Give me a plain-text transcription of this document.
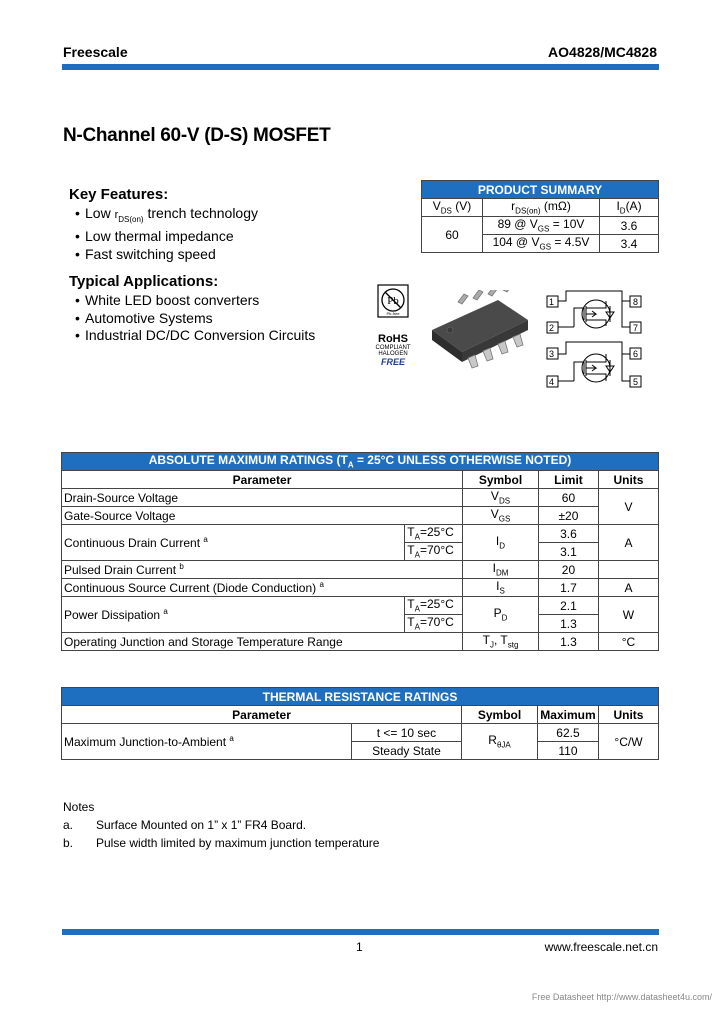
Freescale	AO4828/MC4828
N-Channel 60-V (D-S) MOSFET
Key Features:
• Low $r_{DS(on)}$ trench technology
• Low thermal impedance
• Fast switching speed
Typical Applications:
• White LED boost converters
• Automotive Systems
• Industrial DC/DC Conversion Circuits
PRODUCT SUMMARY		
$V_{DS}$ (V)	$r_{DS(on)}$ (mΩ)	$I_D(A)$
60	89 @ $V_{GS} = 10V$	3.6
	104 @ $V_{GS} = 4.5V$	3.4
Pb
Pb-free
RoHS
COMPLIANT
HALOGEN
FREE
1
2
3
4
8
7
6
5
ABSOLUTE MAXIMUM RATINGS ($T_A = 25^\circ C$ UNLESS OTHERWISE NOTED)				
Parameter		Symbol	Limit	Units
Drain-Source Voltage		$V_{DS}$	60	V
Gate-Source Voltage		$V_{GS}$	±20	
Continuous Drain Current $^a$	$T_A=25^\circ C$	$I_D$	3.6	A
	$T_A=70^\circ C$		3.1	
Pulsed Drain Current $^b$		$I_{DM}$	20	
Continuous Source Current (Diode Conduction) $^a$		$I_S$	1.7	A
Power Dissipation $^a$	$T_A=25^\circ C$	$P_D$	2.1	W
	$T_A=70^\circ C$		1.3	
Operating Junction and Storage Temperature Range		$T_J$, $T_{stg}$	1.3	°C
THERMAL RESISTANCE RATINGS				
Parameter		Symbol	Maximum	Units
Maximum Junction-to-Ambient $^a$	t <= 10 sec	$R_{\theta JA}$	62.5	°C/W
	Steady State		110	
Notes
a. Surface Mounted on 1” x 1” FR4 Board.
b. Pulse width limited by maximum junction temperature
1	www.freescale.net.cn
Free Datasheet http://www.datasheet4u.com/
